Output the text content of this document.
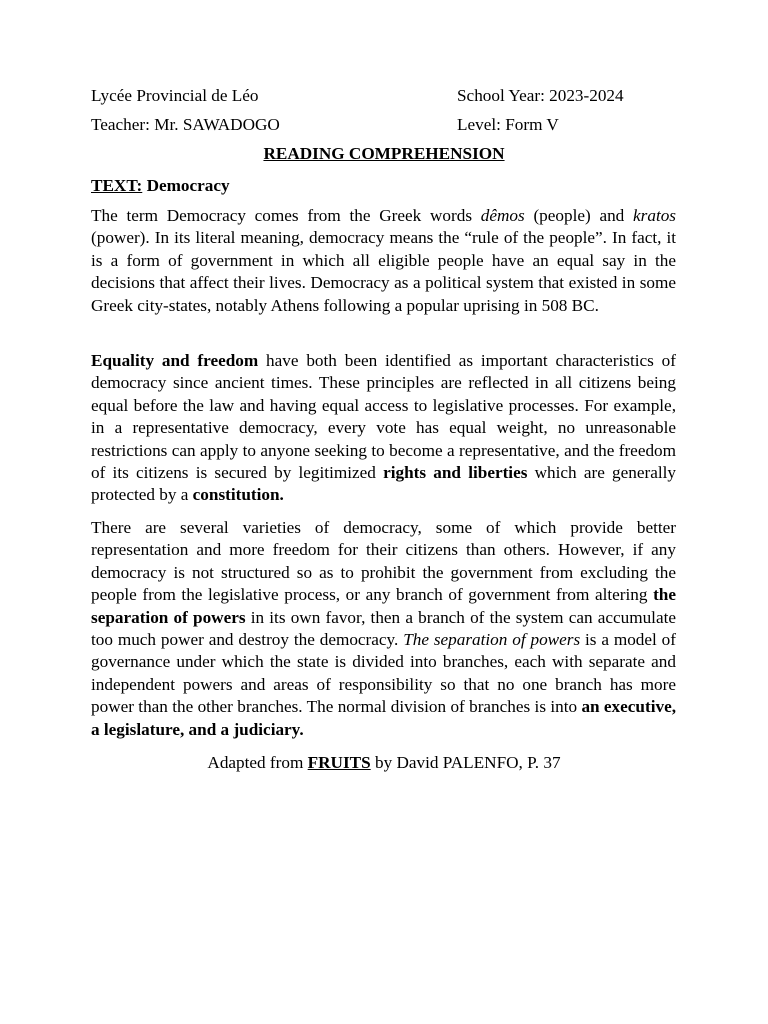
Lycée Provincial de Léo	School Year: 2023-2024
Teacher: Mr. SAWADOGO	Level: Form V
READING COMPREHENSION
TEXT: Democracy

The term Democracy comes from the Greek words dêmos (people) and kratos (power). In its literal meaning, democracy means the “rule of the people”. In fact, it is a form of government in which all eligible people have an equal say in the decisions that affect their lives. Democracy as a political system that existed in some Greek city-states, notably Athens following a popular uprising in 508 BC.

Equality and freedom have both been identified as important characteristics of democracy since ancient times. These principles are reflected in all citizens being equal before the law and having equal access to legislative processes. For example, in a representative democracy, every vote has equal weight, no unreasonable restrictions can apply to anyone seeking to become a representative, and the freedom of its citizens is secured by legitimized rights and liberties which are generally protected by a constitution.

There are several varieties of democracy, some of which provide better representation and more freedom for their citizens than others. However, if any democracy is not structured so as to prohibit the government from excluding the people from the legislative process, or any branch of government from altering the separation of powers in its own favor, then a branch of the system can accumulate too much power and destroy the democracy. The separation of powers is a model of governance under which the state is divided into branches, each with separate and independent powers and areas of responsibility so that no one branch has more power than the other branches. The normal division of branches is into an executive, a legislature, and a judiciary.

Adapted from FRUITS by David PALENFO, P. 37
